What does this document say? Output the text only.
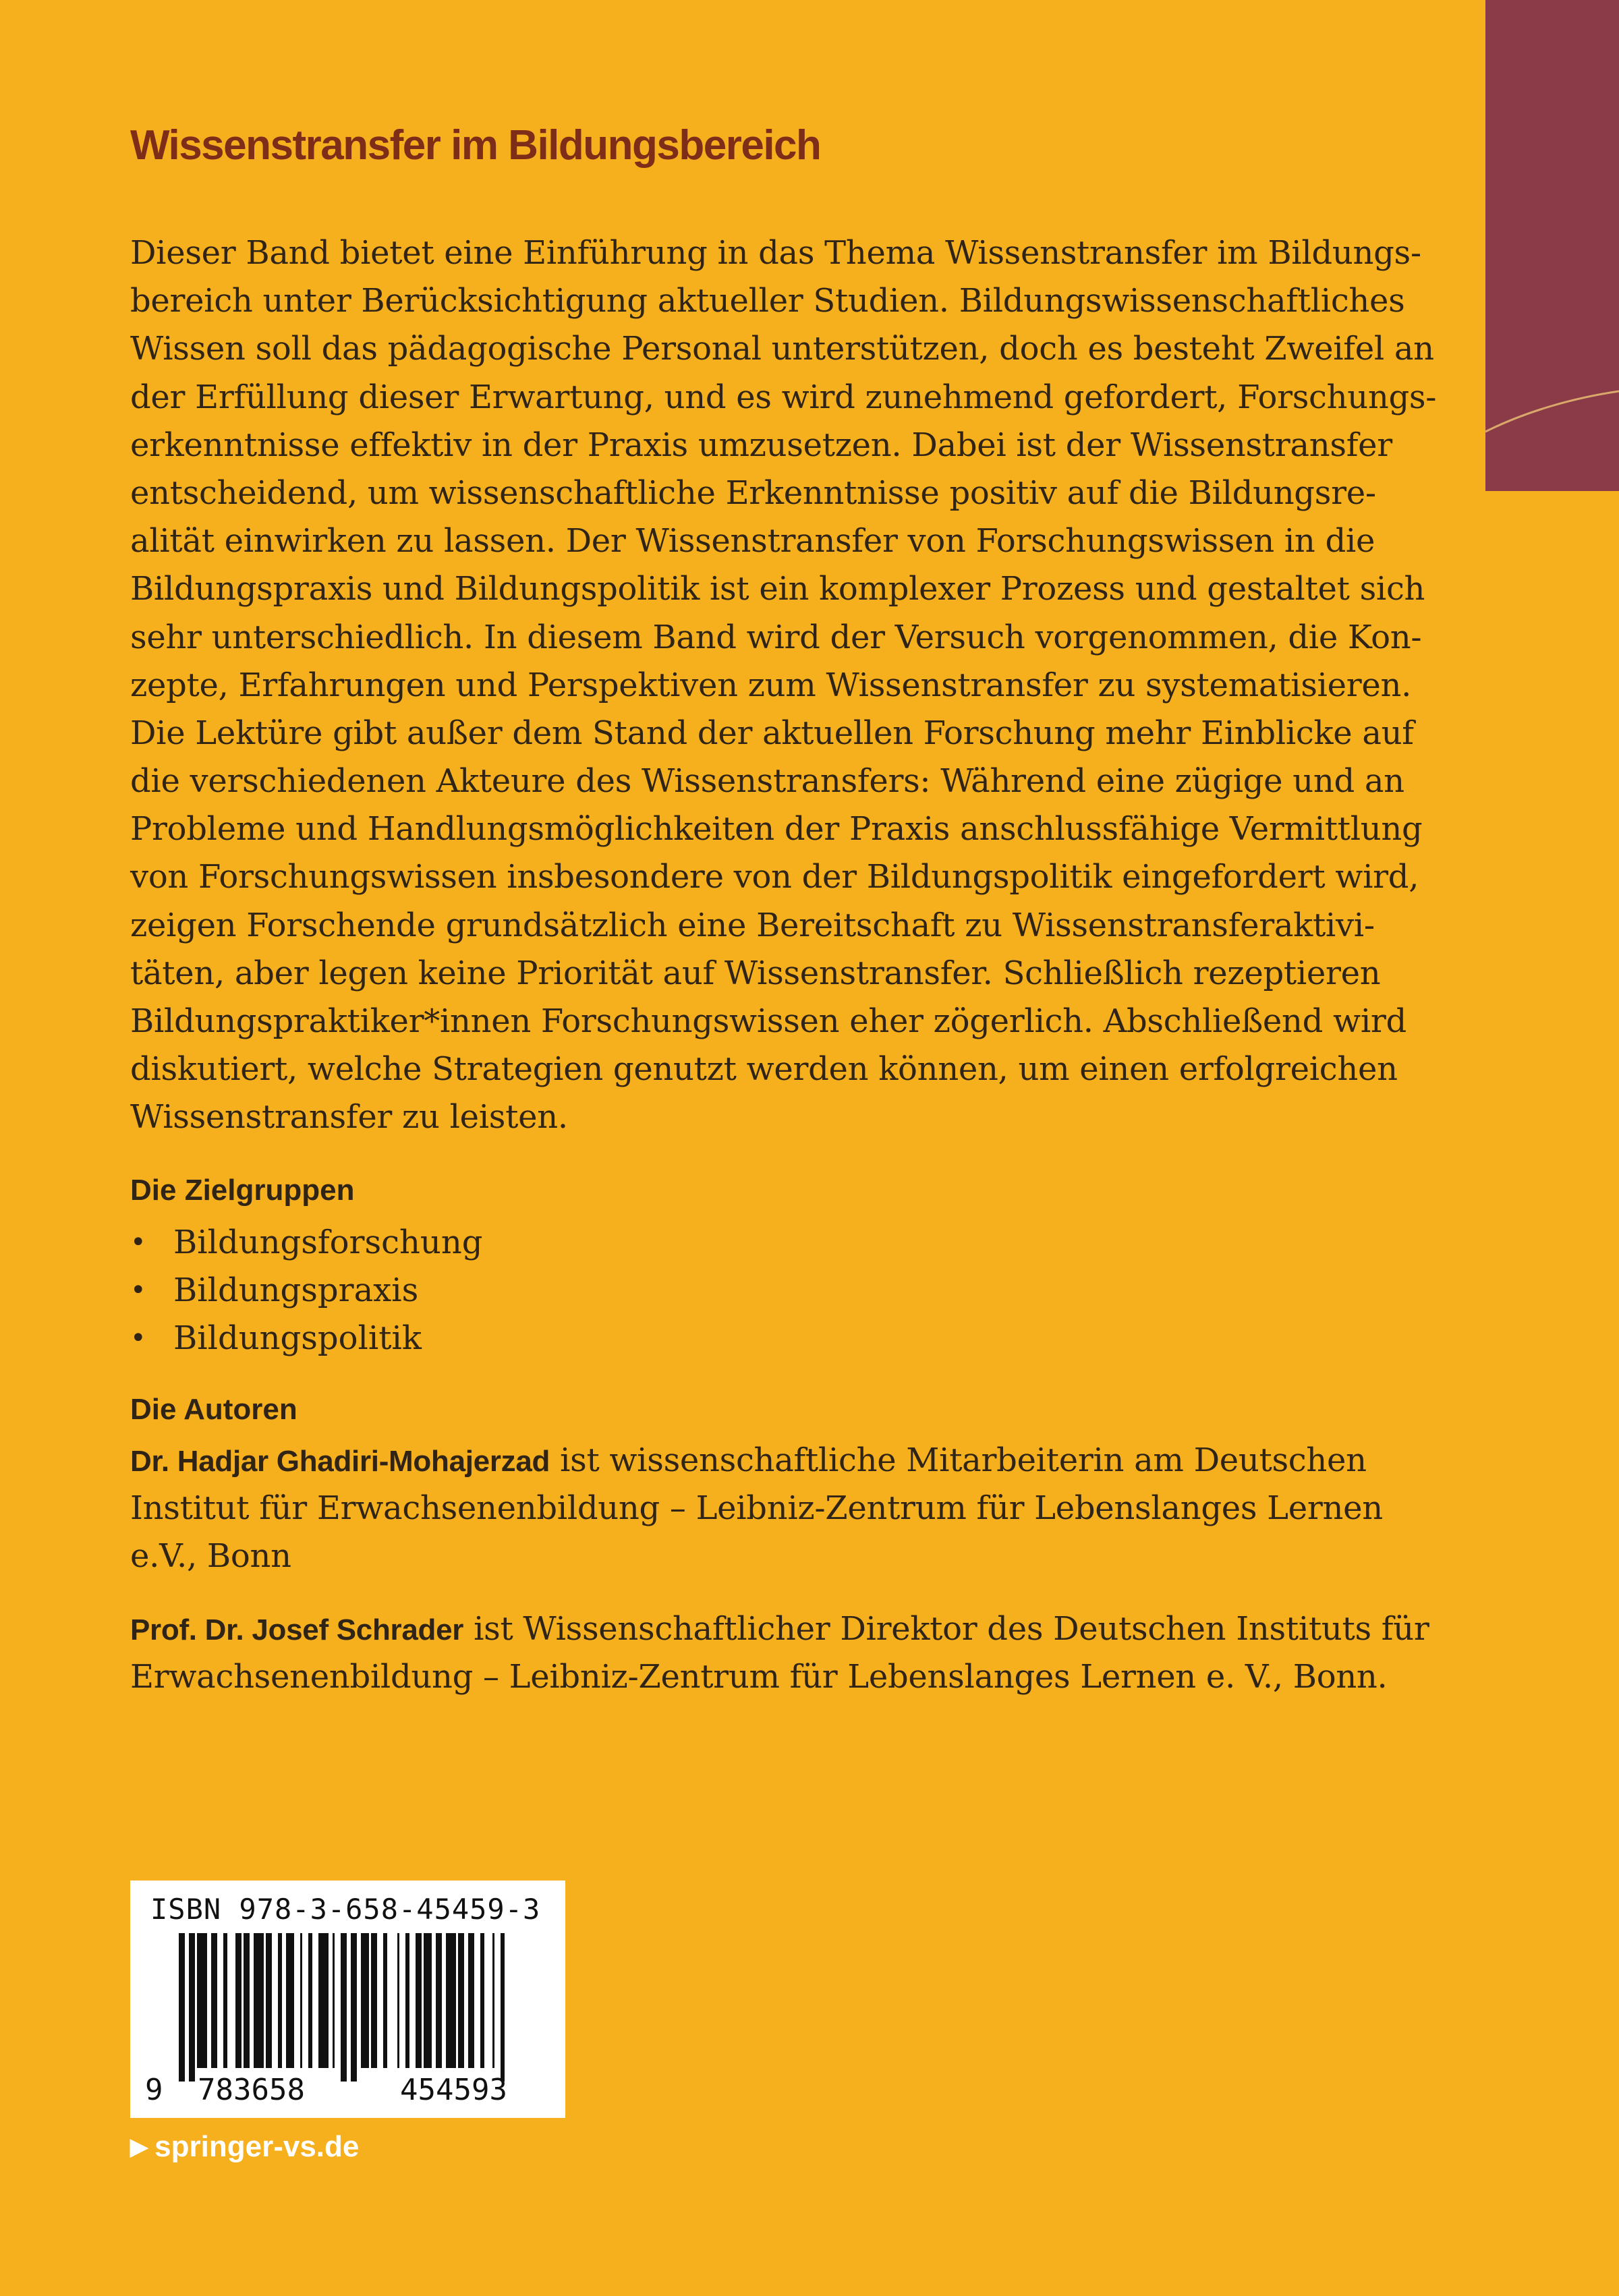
Wissenstransfer im Bildungsbereich
Dieser Band bietet eine Einführung in das Thema Wissenstransfer im Bildungs-
bereich unter Berücksichtigung aktueller Studien. Bildungswissenschaftliches
Wissen soll das pädagogische Personal unterstützen, doch es besteht Zweifel an
der Erfüllung dieser Erwartung, und es wird zunehmend gefordert, Forschungs-
erkenntnisse effektiv in der Praxis umzusetzen. Dabei ist der Wissenstransfer
entscheidend, um wissenschaftliche Erkenntnisse positiv auf die Bildungsre-
alität einwirken zu lassen. Der Wissenstransfer von Forschungswissen in die
Bildungspraxis und Bildungspolitik ist ein komplexer Prozess und gestaltet sich
sehr unterschiedlich. In diesem Band wird der Versuch vorgenommen, die Kon-
zepte, Erfahrungen und Perspektiven zum Wissenstransfer zu systematisieren.
Die Lektüre gibt außer dem Stand der aktuellen Forschung mehr Einblicke auf
die verschiedenen Akteure des Wissenstransfers: Während eine zügige und an
Probleme und Handlungsmöglichkeiten der Praxis anschlussfähige Vermittlung
von Forschungswissen insbesondere von der Bildungspolitik eingefordert wird,
zeigen Forschende grundsätzlich eine Bereitschaft zu Wissenstransferaktivi-
täten, aber legen keine Priorität auf Wissenstransfer. Schließlich rezeptieren
Bildungspraktiker*innen Forschungswissen eher zögerlich. Abschließend wird
diskutiert, welche Strategien genutzt werden können, um einen erfolgreichen
Wissenstransfer zu leisten.
Die Zielgruppen
• Bildungsforschung
• Bildungspraxis
• Bildungspolitik
Die Autoren
Dr. Hadjar Ghadiri-Mohajerzad ist wissenschaftliche Mitarbeiterin am Deutschen
Institut für Erwachsenenbildung – Leibniz-Zentrum für Lebenslanges Lernen
e.V., Bonn
Prof. Dr. Josef Schrader ist Wissenschaftlicher Direktor des Deutschen Instituts für
Erwachsenenbildung – Leibniz-Zentrum für Lebenslanges Lernen e. V., Bonn.
ISBN 978-3-658-45459-3
9 783658	454593
▶ springer-vs.de
